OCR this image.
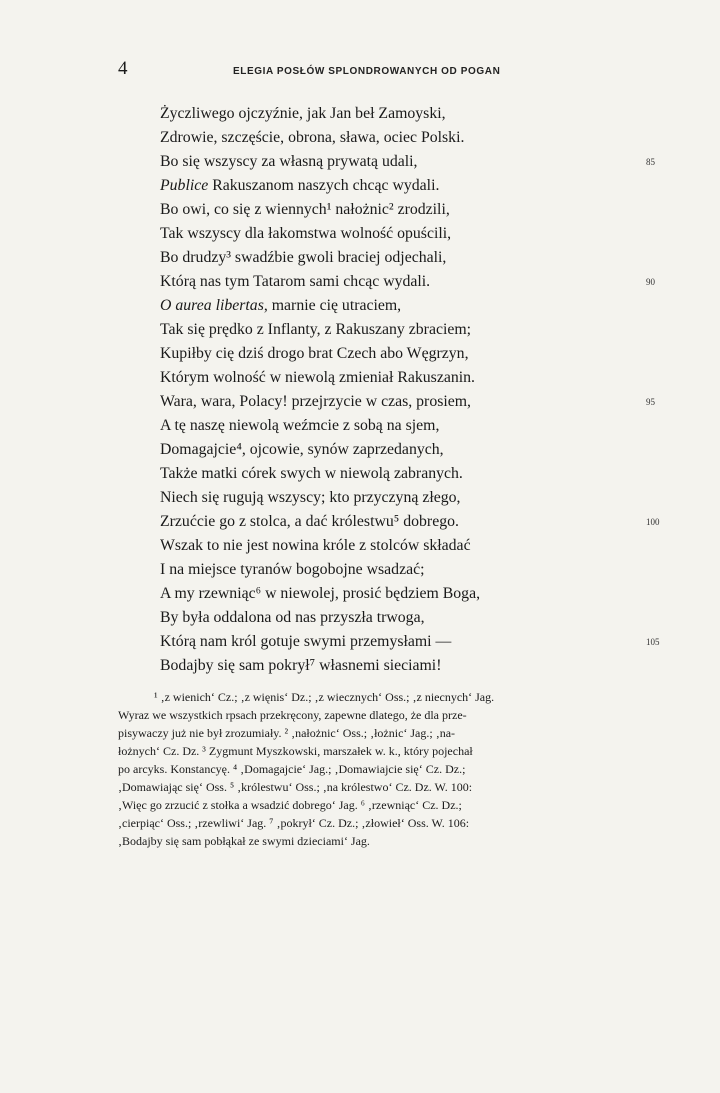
4	ELEGIA POSŁÓW SPLONDROWANYCH OD POGAN
Życzliwego ojczyźnie, jak Jan beł Zamoyski,
Zdrowie, szczęście, obrona, sława, ociec Polski.
Bo się wszyscy za własną prywatą udali,	85
Publice Rakuszanom naszych chcąc wydali.
Bo owi, co się z wiennych¹ nałożnic² zrodzili,
Tak wszyscy dla łakomstwa wolność opuścili,
Bo drudzy³ swadźbie gwoli braciej odjechali,
Którą nas tym Tatarom sami chcąc wydali.	90
O aurea libertas, marnie cię utraciem,
Tak się prędko z Inflanty, z Rakuszany zbraciem;
Kupiłby cię dziś drogo brat Czech abo Węgrzyn,
Którym wolność w niewolą zmieniał Rakuszanin.
Wara, wara, Polacy! przejrzycie w czas, prosiem,	95
A tę naszę niewolą weźmcie z sobą na sjem,
Domagajcie⁴, ojcowie, synów zaprzedanych,
Także matki córek swych w niewolą zabranych.
Niech się rugują wszyscy; kto przyczyną złego,
Zrzućcie go z stolca, a dać królestwu⁵ dobrego.	100
Wszak to nie jest nowina króle z stolców składać
I na miejsce tyranów bogobojne wsadzać;
A my rzewniąc⁶ w niewolej, prosić będziem Boga,
By była oddalona od nas przyszła trwoga,
Którą nam król gotuje swymi przemysłami —	105
Bodajby się sam pokrył⁷ własnemi sieciami!
¹ ‚z wienich‘ Cz.; ‚z więnis‘ Dz.; ‚z wiecznych‘ Oss.; ‚z niecnych‘ Jag.
Wyraz we wszystkich rpsach przekręcony, zapewne dlatego, że dla prze-
pisywaczy już nie był zrozumiały. ² ‚nałożnic‘ Oss.; ‚łożnic‘ Jag.; ‚na-
łożnych‘ Cz. Dz. ³ Zygmunt Myszkowski, marszałek w. k., który pojechał
po arcyks. Konstancyę. ⁴ ‚Domagajcie‘ Jag.; ‚Domawiajcie się‘ Cz. Dz.;
‚Domawiając się‘ Oss. ⁵ ‚królestwu‘ Oss.; ‚na królestwo‘ Cz. Dz. W. 100:
‚Więc go zrzucić z stołka a wsadzić dobrego‘ Jag. ⁶ ‚rzewniąc‘ Cz. Dz.;
‚cierpiąc‘ Oss.; ‚rzewliwi‘ Jag. ⁷ ‚pokrył‘ Cz. Dz.; ‚złowieł‘ Oss. W. 106:
‚Bodajby się sam pobłąkał ze swymi dzieciami‘ Jag.
